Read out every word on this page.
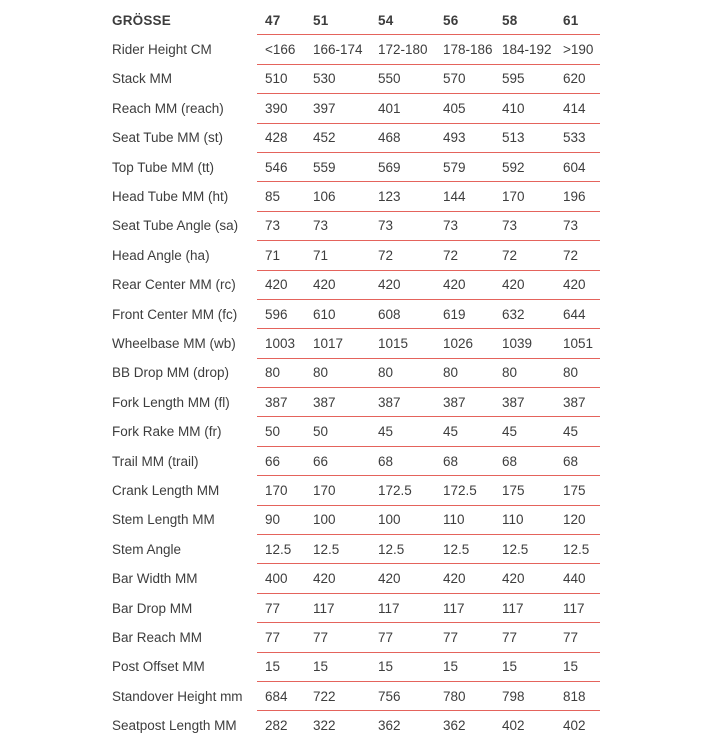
GRÖSSE	47	51	54	56	58	61
Rider Height CM	<166	166-174	172-180	178-186	184-192	>190
Stack MM	510	530	550	570	595	620
Reach MM (reach)	390	397	401	405	410	414
Seat Tube MM (st)	428	452	468	493	513	533
Top Tube MM (tt)	546	559	569	579	592	604
Head Tube MM (ht)	85	106	123	144	170	196
Seat Tube Angle (sa)	73	73	73	73	73	73
Head Angle (ha)	71	71	72	72	72	72
Rear Center MM (rc)	420	420	420	420	420	420
Front Center MM (fc)	596	610	608	619	632	644
Wheelbase MM (wb)	1003	1017	1015	1026	1039	1051
BB Drop MM (drop)	80	80	80	80	80	80
Fork Length MM (fl)	387	387	387	387	387	387
Fork Rake MM (fr)	50	50	45	45	45	45
Trail MM (trail)	66	66	68	68	68	68
Crank Length MM	170	170	172.5	172.5	175	175
Stem Length MM	90	100	100	110	110	120
Stem Angle	12.5	12.5	12.5	12.5	12.5	12.5
Bar Width MM	400	420	420	420	420	440
Bar Drop MM	77	117	117	117	117	117
Bar Reach MM	77	77	77	77	77	77
Post Offset MM	15	15	15	15	15	15
Standover Height mm	684	722	756	780	798	818
Seatpost Length MM	282	322	362	362	402	402
